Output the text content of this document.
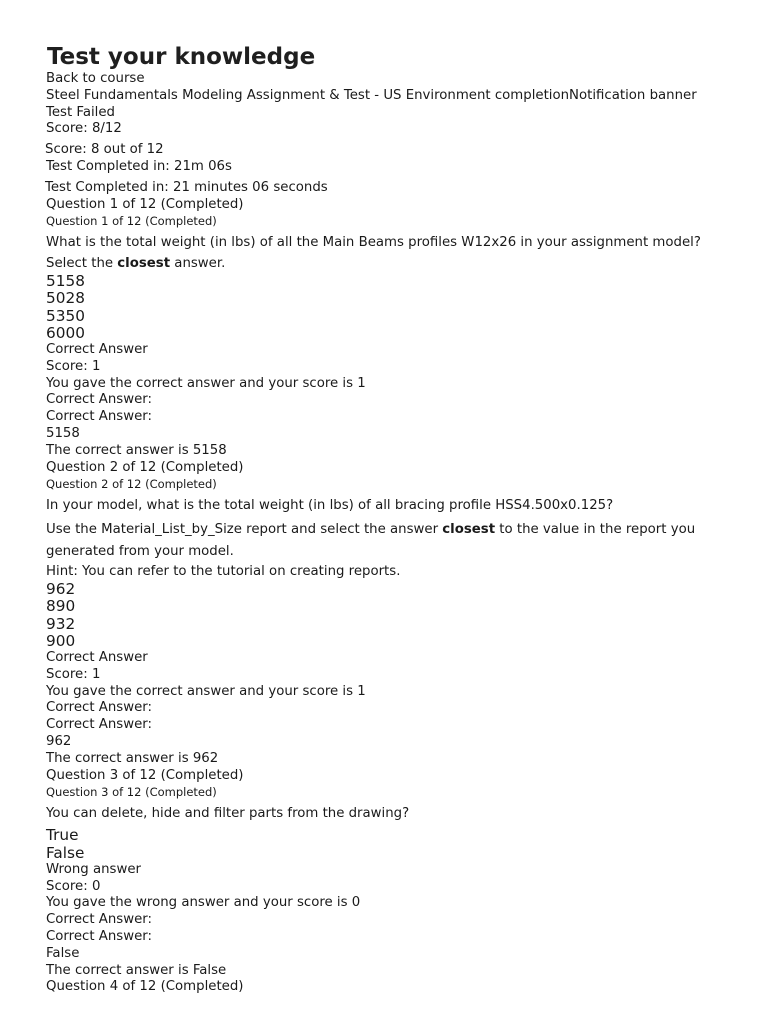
Test your knowledge
Back to course
Steel Fundamentals Modeling Assignment & Test - US Environment completionNotification banner
Test Failed
Score: 8/12
Score: 8 out of 12
Test Completed in: 21m 06s
Test Completed in: 21 minutes 06 seconds
Question 1 of 12 (Completed)
Question 1 of 12 (Completed)
What is the total weight (in lbs) of all the Main Beams profiles W12x26 in your assignment model?
Select the closest answer.
5158
5028
5350
6000
Correct Answer
Score: 1
You gave the correct answer and your score is 1
Correct Answer:
Correct Answer:
5158
The correct answer is 5158
Question 2 of 12 (Completed)
Question 2 of 12 (Completed)
In your model, what is the total weight (in lbs) of all bracing profile HSS4.500x0.125?
Use the Material_List_by_Size report and select the answer closest to the value in the report you generated from your model.
Hint: You can refer to the tutorial on creating reports.
962
890
932
900
Correct Answer
Score: 1
You gave the correct answer and your score is 1
Correct Answer:
Correct Answer:
962
The correct answer is 962
Question 3 of 12 (Completed)
Question 3 of 12 (Completed)
You can delete, hide and filter parts from the drawing?
True
False
Wrong answer
Score: 0
You gave the wrong answer and your score is 0
Correct Answer:
Correct Answer:
False
The correct answer is False
Question 4 of 12 (Completed)
